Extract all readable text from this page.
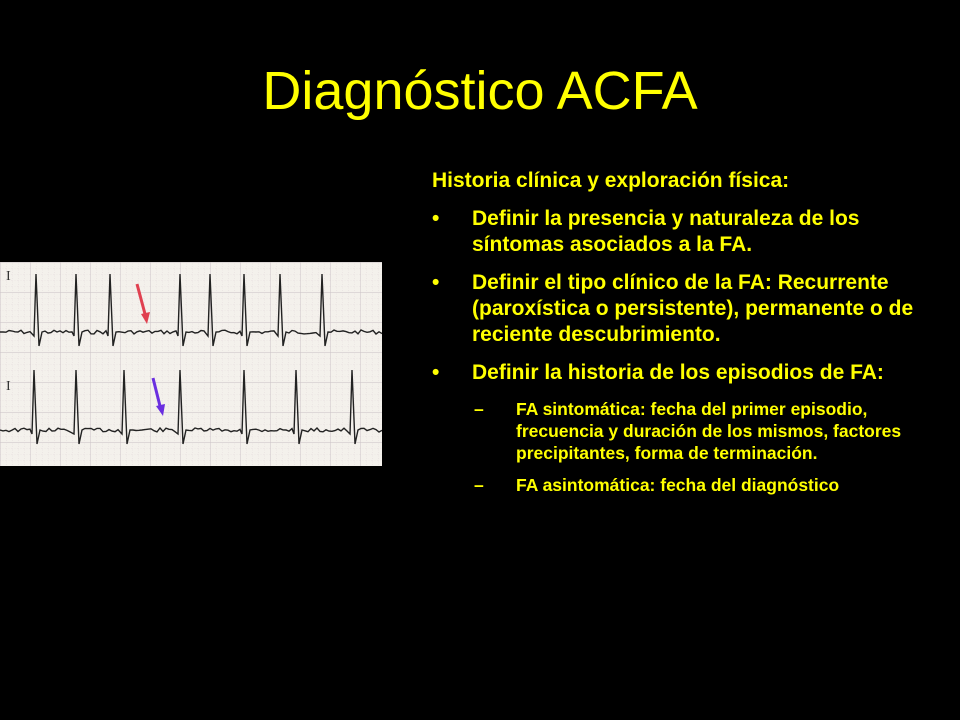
Diagnóstico ACFA
I
I

Historia clínica y exploración física:

• Definir la presencia y naturaleza de los síntomas asociados a la FA.
• Definir el tipo clínico de la FA: Recurrente (paroxística o persistente), permanente o de reciente descubrimiento.
• Definir la historia de los episodios de FA:
– FA sintomática: fecha del primer episodio, frecuencia y duración de los mismos, factores precipitantes, forma de terminación.
– FA asintomática: fecha del diagnóstico
